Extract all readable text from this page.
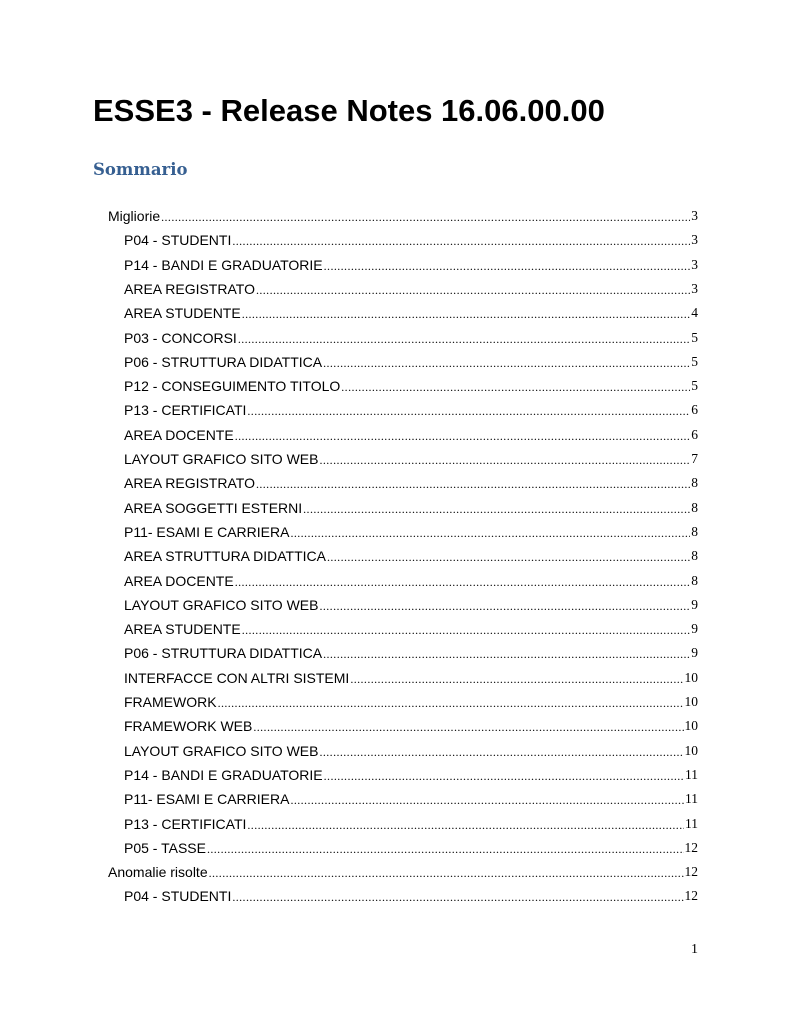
ESSE3 - Release Notes 16.06.00.00
Sommario
Migliorie .....	3
P04 - STUDENTI .....	3
P14 - BANDI E GRADUATORIE .....	3
AREA REGISTRATO .....	3
AREA STUDENTE .....	4
P03 - CONCORSI .....	5
P06 - STRUTTURA DIDATTICA .....	5
P12 - CONSEGUIMENTO TITOLO .....	5
P13 - CERTIFICATI .....	6
AREA DOCENTE .....	6
LAYOUT GRAFICO SITO WEB .....	7
AREA REGISTRATO .....	8
AREA SOGGETTI ESTERNI .....	8
P11- ESAMI E CARRIERA .....	8
AREA STRUTTURA DIDATTICA .....	8
AREA DOCENTE .....	8
LAYOUT GRAFICO SITO WEB .....	9
AREA STUDENTE .....	9
P06 - STRUTTURA DIDATTICA .....	9
INTERFACCE CON ALTRI SISTEMI .....	10
FRAMEWORK .....	10
FRAMEWORK WEB .....	10
LAYOUT GRAFICO SITO WEB .....	10
P14 - BANDI E GRADUATORIE .....	11
P11- ESAMI E CARRIERA .....	11
P13 - CERTIFICATI .....	11
P05 - TASSE .....	12
Anomalie risolte .....	12
P04 - STUDENTI .....	12
1
